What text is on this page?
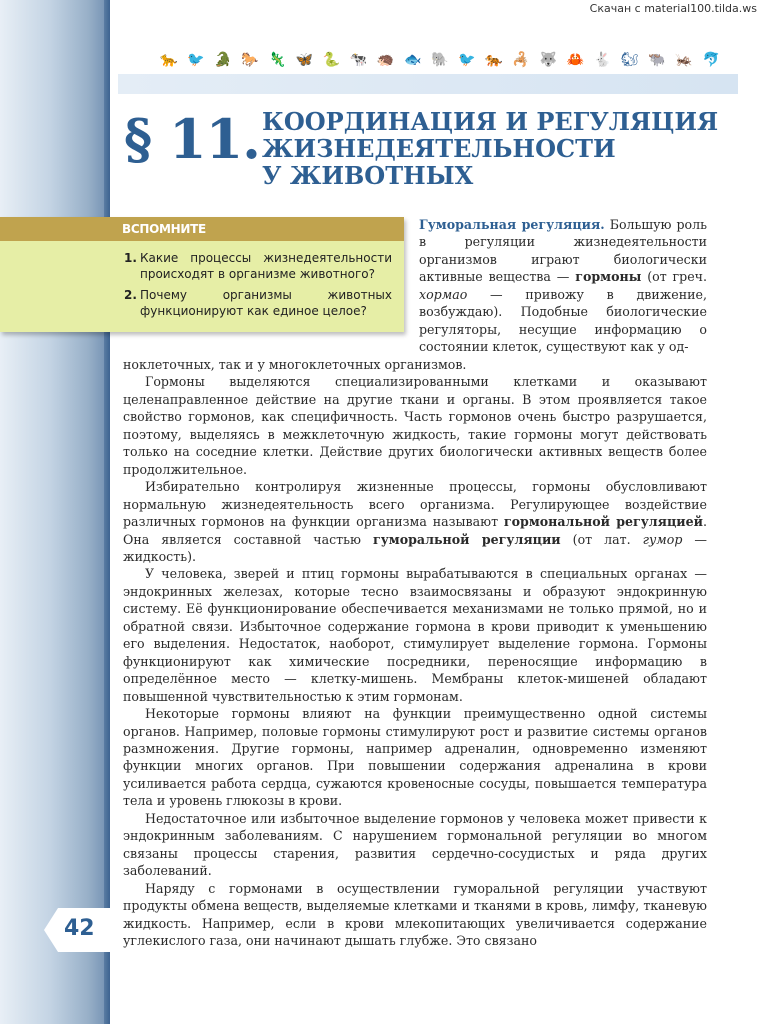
Скачан с material100.tilda.ws
🐆 🐦 🐊 🐎 🦎 🦋 🐍 🐄 🦔 🐟 🐘 🐦 🐅 🦂 🐺 🦀 🐇 🐿 🐃 🦗 🐬
§ 11. КООРДИНАЦИЯ И РЕГУЛЯЦИЯ
ЖИЗНЕДЕЯТЕЛЬНОСТИ
У ЖИВОТНЫХ
ВСПОМНИТЕ
1. Какие процессы жизнедеятельности происходят в организме животного?
2. Почему организмы животных функционируют как единое целое?
Гуморальная регуляция. Большую роль в регуляции жизнедеятельности организмов играют биологически активные вещества — гормоны (от греч. хормао — привожу в движение, возбуждаю). Подобные биологические регуляторы, несущие информацию о состоянии клеток, существуют как у од-

ноклеточных, так и у многоклеточных организмов.

Гормоны выделяются специализированными клетками и оказывают целенаправленное действие на другие ткани и органы. В этом проявляется такое свойство гормонов, как специфичность. Часть гормонов очень быстро разрушается, поэтому, выделяясь в межклеточную жидкость, такие гормоны могут действовать только на соседние клетки. Действие других биологически активных веществ более продолжительное.

Избирательно контролируя жизненные процессы, гормоны обусловливают нормальную жизнедеятельность всего организма. Регулирующее воздействие различных гормонов на функции организма называют гормональной регуляцией. Она является составной частью гуморальной регуляции (от лат. гумор — жидкость).

У человека, зверей и птиц гормоны вырабатываются в специальных органах — эндокринных железах, которые тесно взаимосвязаны и образуют эндокринную систему. Её функционирование обеспечивается механизмами не только прямой, но и обратной связи. Избыточное содержание гормона в крови приводит к уменьшению его выделения. Недостаток, наоборот, стимулирует выделение гормона. Гормоны функционируют как химические посредники, переносящие информацию в определённое место — клетку-мишень. Мембраны клеток-мишеней обладают повышенной чувствительностью к этим гормонам.

Некоторые гормоны влияют на функции преимущественно одной системы органов. Например, половые гормоны стимулируют рост и развитие системы органов размножения. Другие гормоны, например адреналин, одновременно изменяют функции многих органов. При повышении содержания адреналина в крови усиливается работа сердца, сужаются кровеносные сосуды, повышается температура тела и уровень глюкозы в крови.

Недостаточное или избыточное выделение гормонов у человека может привести к эндокринным заболеваниям. С нарушением гормональной регуляции во многом связаны процессы старения, развития сердечно-сосудистых и ряда других заболеваний.

Наряду с гормонами в осуществлении гуморальной регуляции участвуют продукты обмена веществ, выделяемые клетками и тканями в кровь, лимфу, тканевую жидкость. Например, если в крови млекопитающих увеличивается содержание углекислого газа, они начинают дышать глубже. Это связано

42
